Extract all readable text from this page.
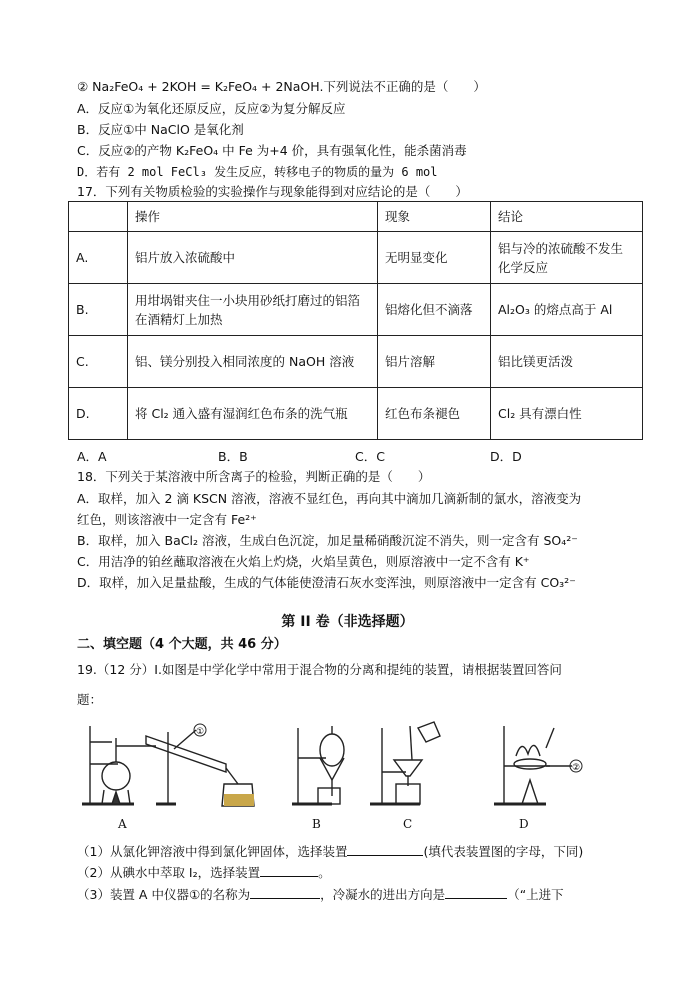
② Na₂FeO₄ + 2KOH = K₂FeO₄ + 2NaOH.下列说法不正确的是（　　）
A．反应①为氧化还原反应，反应②为复分解反应
B．反应①中 NaClO 是氧化剂
C．反应②的产物 K₂FeO₄ 中 Fe 为+4 价，具有强氧化性，能杀菌消毒
D．若有 2 mol FeCl₃ 发生反应，转移电子的物质的量为 6 mol
17．下列有关物质检验的实验操作与现象能得到对应结论的是（　　）
	操作	现象	结论
A.	铝片放入浓硫酸中	无明显变化	铝与冷的浓硫酸不发生化学反应
B.	用坩埚钳夹住一小块用砂纸打磨过的铝箔在酒精灯上加热	铝熔化但不滴落	Al₂O₃ 的熔点高于 Al
C.	铝、镁分别投入相同浓度的 NaOH 溶液	铝片溶解	铝比镁更活泼
D.	将 Cl₂ 通入盛有湿润红色布条的洗气瓶	红色布条褪色	Cl₂ 具有漂白性
A．A	B．B	C．C	D．D
18．下列关于某溶液中所含离子的检验，判断正确的是（　　）
A．取样，加入 2 滴 KSCN 溶液，溶液不显红色，再向其中滴加几滴新制的氯水，溶液变为
红色，则该溶液中一定含有 Fe²⁺
B．取样，加入 BaCl₂ 溶液，生成白色沉淀，加足量稀硝酸沉淀不消失，则一定含有 SO₄²⁻
C．用洁净的铂丝蘸取溶液在火焰上灼烧，火焰呈黄色，则原溶液中一定不含有 K⁺
D．取样，加入足量盐酸，生成的气体能使澄清石灰水变浑浊，则原溶液中一定含有 CO₃²⁻
第 II 卷（非选择题）
二、填空题（4 个大题，共 46 分）
19.（12 分）Ⅰ.如图是中学化学中常用于混合物的分离和提纯的装置，请根据装置回答问
题：
①
②
A	B	C	D
（1）从氯化钾溶液中得到氯化钾固体，选择装置	(填代表装置图的字母，下同)
（2）从碘水中萃取 I₂，选择装置	。
（3）装置 A 中仪器①的名称为	，冷凝水的进出方向是	（“上进下
